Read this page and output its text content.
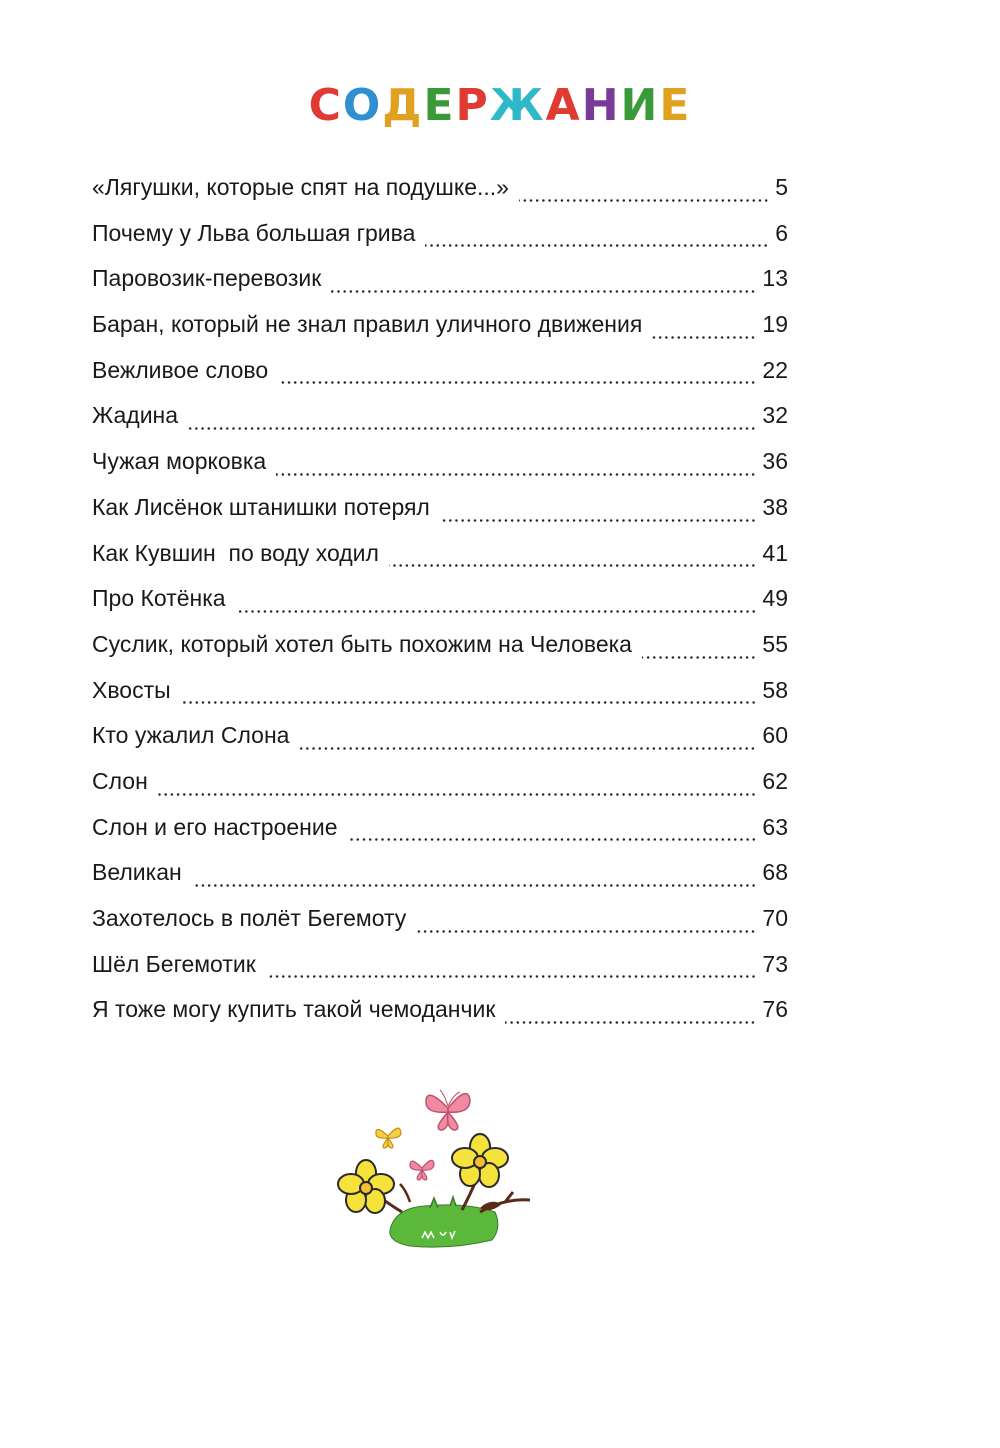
СОДЕРЖАНИЕ
«Лягушки, которые спят на подушке...»	5
Почему у Льва большая грива	6
Паровозик-перевозик	13
Баран, который не знал правил уличного движения	19
Вежливое слово	22
Жадина	32
Чужая морковка	36
Как Лисёнок штанишки потерял	38
Как Кувшин  по воду ходил	41
Про Котёнка	49
Суслик, который хотел быть похожим на Человека	55
Хвосты	58
Кто ужалил Слона	60
Слон	62
Слон и его настроение	63
Великан	68
Захотелось в полёт Бегемоту	70
Шёл Бегемотик	73
Я тоже могу купить такой чемоданчик	76
